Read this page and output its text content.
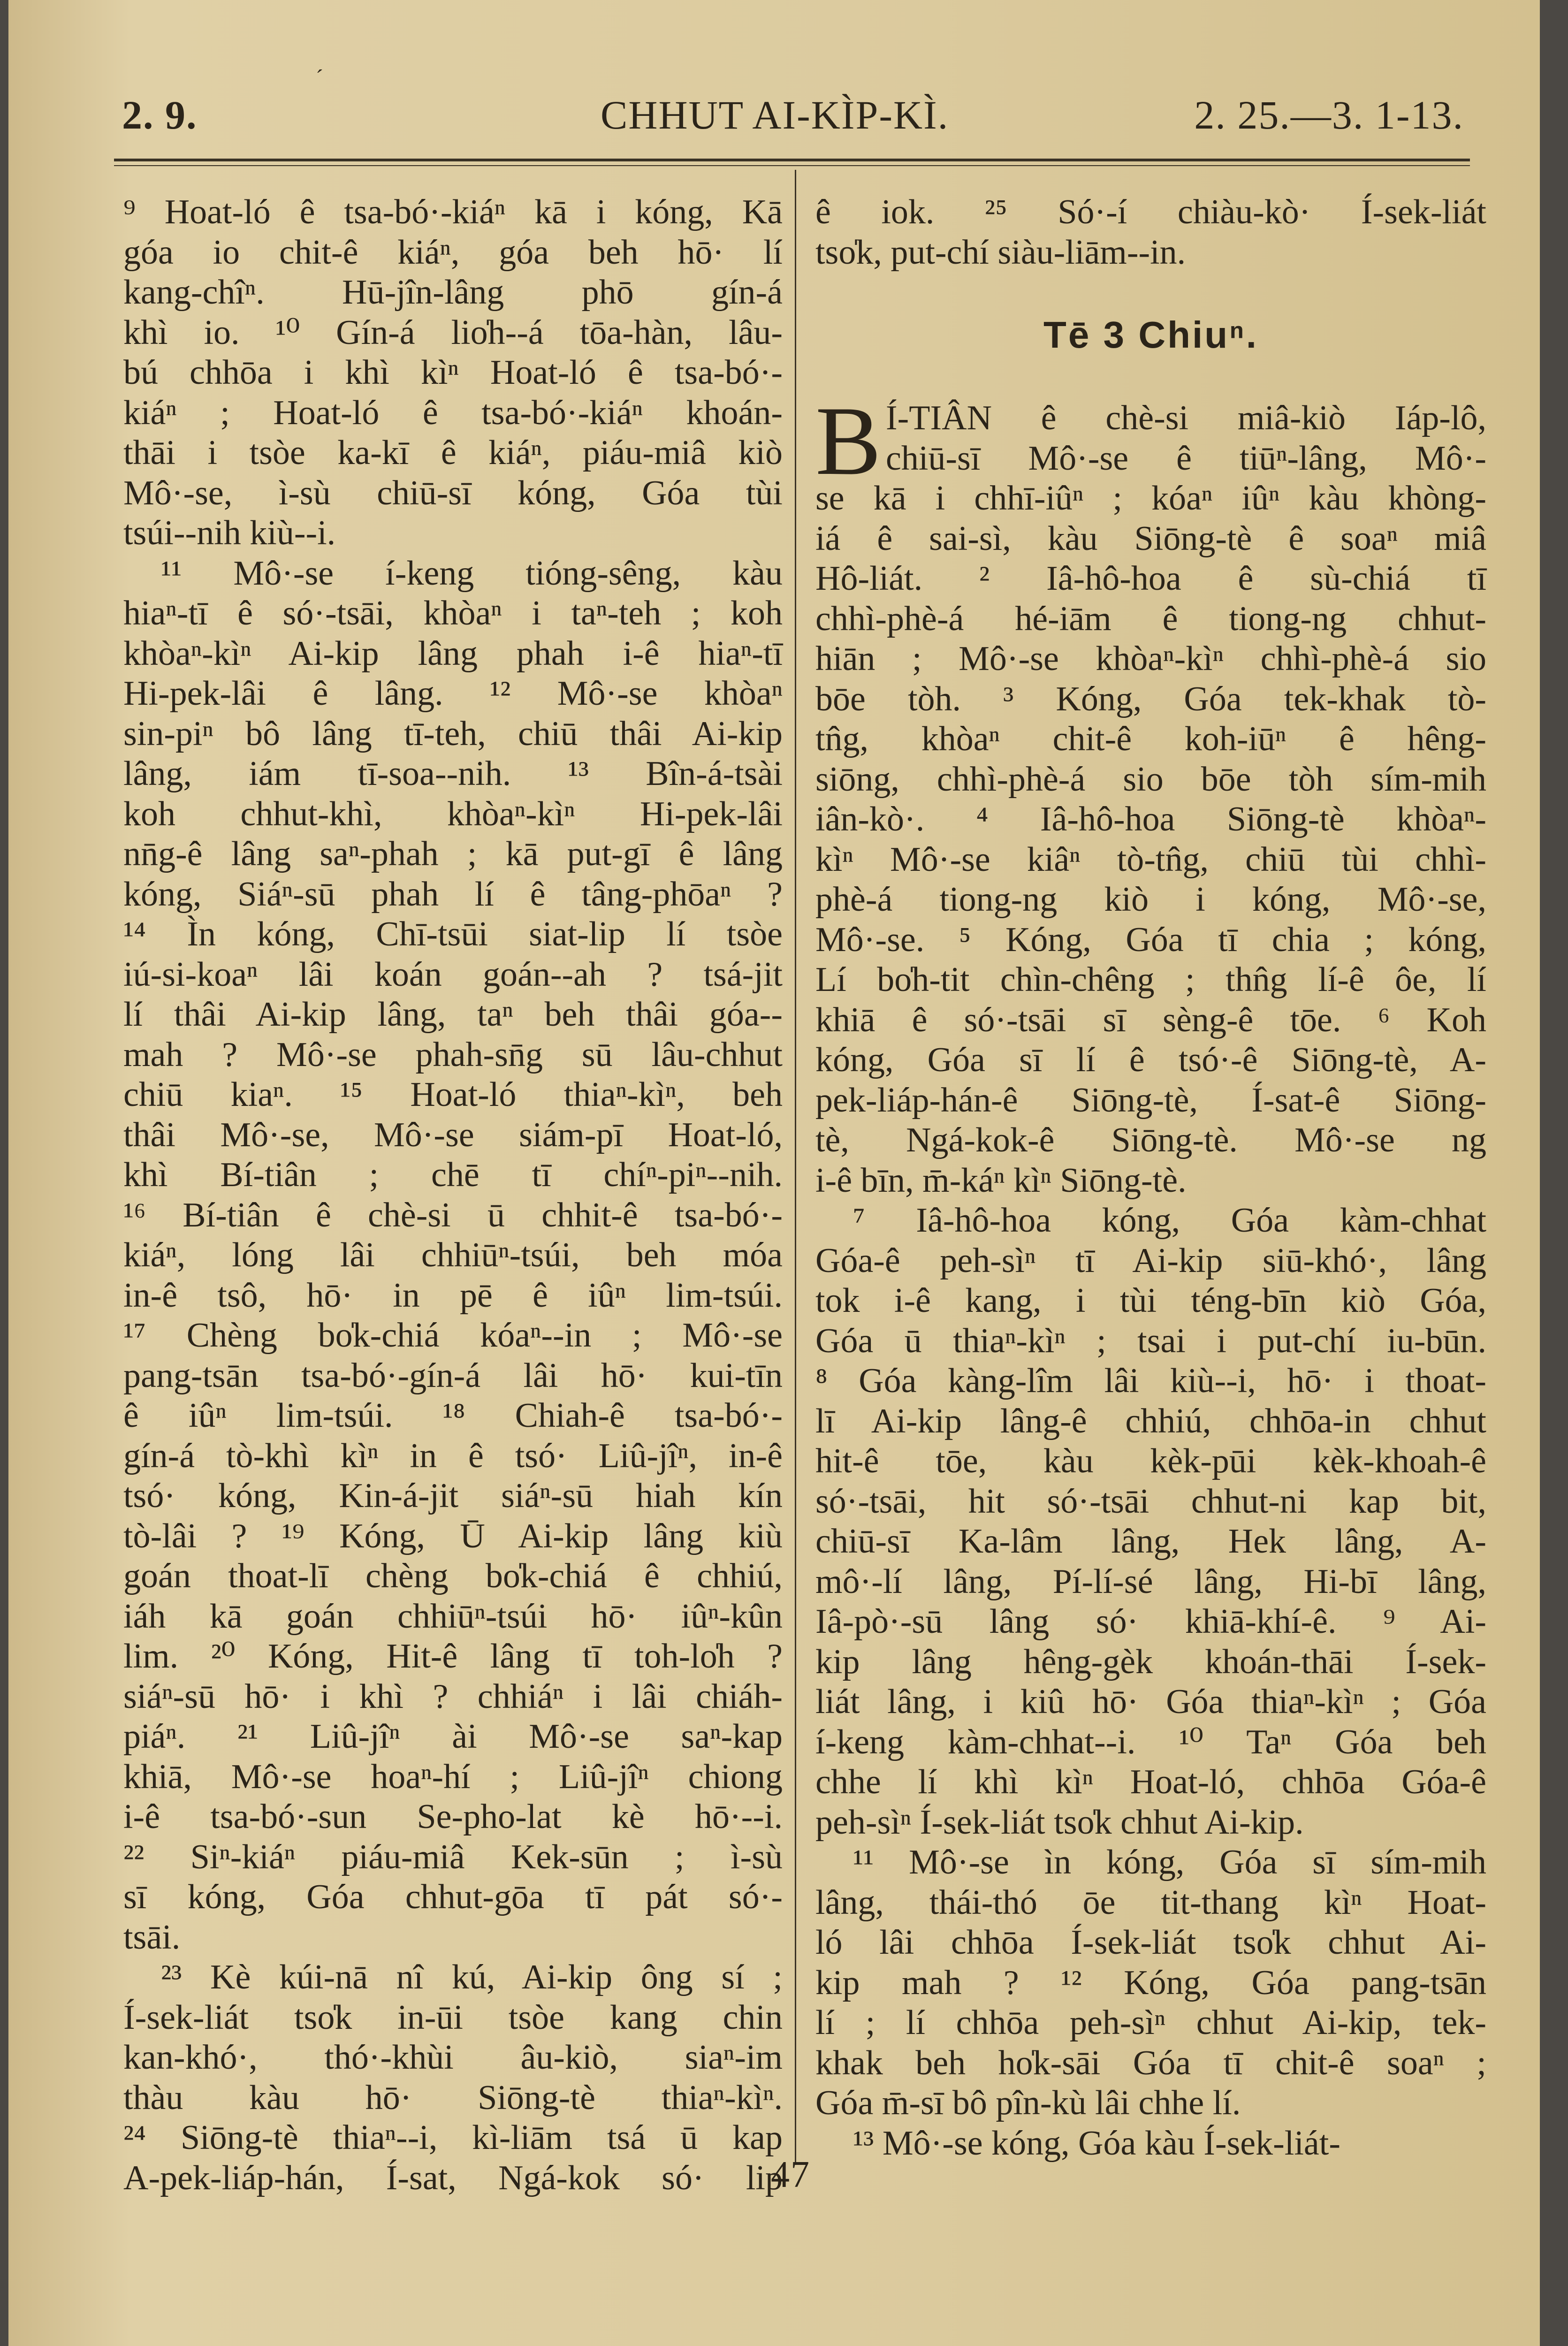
´
2. 9.	CHHUT AI-KÌP-KÌ.	2. 25.—3. 1-13.
⁹ Hoat-ló ê tsa-bó·-kiáⁿ kā i kóng, Kā
góa io chit-ê kiáⁿ, góa beh hō· lí
kang-chîⁿ. Hū-jîn-lâng phō gín-á
khì io. ¹⁰ Gín-á lio̍h--á tōa-hàn, lâu-
bú chhōa i khì kìⁿ Hoat-ló ê tsa-bó·-
kiáⁿ ; Hoat-ló ê tsa-bó·-kiáⁿ khoán-
thāi i tsòe ka-kī ê kiáⁿ, piáu-miâ kiò
Mô·-se, ì-sù chiū-sī kóng, Góa tùi
tsúi--nih kiù--i.
¹¹ Mô·-se í-keng tióng-sêng, kàu
hiaⁿ-tī ê só·-tsāi, khòaⁿ i taⁿ-teh ; koh
khòaⁿ-kìⁿ Ai-kip lâng phah i-ê hiaⁿ-tī
Hi-pek-lâi ê lâng. ¹² Mô·-se khòaⁿ
sin-piⁿ bô lâng tī-teh, chiū thâi Ai-kip
lâng, iám tī-soa--nih. ¹³ Bîn-á-tsài
koh chhut-khì, khòaⁿ-kìⁿ Hi-pek-lâi
nn̄g-ê lâng saⁿ-phah ; kā put-gī ê lâng
kóng, Siáⁿ-sū phah lí ê tâng-phōaⁿ ?
¹⁴ Ìn kóng, Chī-tsūi siat-lip lí tsòe
iú-si-koaⁿ lâi koán goán--ah ? tsá-jit
lí thâi Ai-kip lâng, taⁿ beh thâi góa--
mah ? Mô·-se phah-sn̄g sū lâu-chhut
chiū kiaⁿ. ¹⁵ Hoat-ló thiaⁿ-kìⁿ, beh
thâi Mô·-se, Mô·-se siám-pī Hoat-ló,
khì Bí-tiân ; chē tī chíⁿ-piⁿ--nih.
¹⁶ Bí-tiân ê chè-si ū chhit-ê tsa-bó·-
kiáⁿ, lóng lâi chhiūⁿ-tsúi, beh móa
in-ê tsô, hō· in pē ê iûⁿ lim-tsúi.
¹⁷ Chèng bo̍k-chiá kóaⁿ--in ; Mô·-se
pang-tsān tsa-bó·-gín-á lâi hō· kui-tīn
ê iûⁿ lim-tsúi. ¹⁸ Chiah-ê tsa-bó·-
gín-á tò-khì kìⁿ in ê tsó· Liû-jîⁿ, in-ê
tsó· kóng, Kin-á-jit siáⁿ-sū hiah kín
tò-lâi ? ¹⁹ Kóng, Ū Ai-kip lâng kiù
goán thoat-lī chèng bo̍k-chiá ê chhiú,
iáh kā goán chhiūⁿ-tsúi hō· iûⁿ-kûn
lim. ²⁰ Kóng, Hit-ê lâng tī toh-lo̍h ?
siáⁿ-sū hō· i khì ? chhiáⁿ i lâi chiáh-
piáⁿ. ²¹ Liû-jîⁿ ài Mô·-se saⁿ-kap
khiā, Mô·-se hoaⁿ-hí ; Liû-jîⁿ chiong
i-ê tsa-bó·-sun Se-pho-lat kè hō·--i.
²² Siⁿ-kiáⁿ piáu-miâ Kek-sūn ; ì-sù
sī kóng, Góa chhut-gōa tī pát só·-
tsāi.
²³ Kè kúi-nā nî kú, Ai-kip ông sí ;
Í-sek-liát tso̍k in-ūi tsòe kang chin
kan-khó·, thó·-khùi âu-kiò, siaⁿ-im
thàu kàu hō· Siōng-tè thiaⁿ-kìⁿ.
²⁴ Siōng-tè thiaⁿ--i, kì-liām tsá ū kap
A-pek-liáp-hán, Í-sat, Ngá-kok só· lip
ê iok. ²⁵ Só·-í chiàu-kò· Í-sek-liát
tso̍k, put-chí siàu-liām--in.
Tē 3 Chiuⁿ.
B Í-TIÂN ê chè-si miâ-kiò Iáp-lô,
chiū-sī Mô·-se ê tiūⁿ-lâng, Mô·-
se kā i chhī-iûⁿ ; kóaⁿ iûⁿ kàu khòng-
iá ê sai-sì, kàu Siōng-tè ê soaⁿ miâ
Hô-liát. ² Iâ-hô-hoa ê sù-chiá tī
chhì-phè-á hé-iām ê tiong-ng chhut-
hiān ; Mô·-se khòaⁿ-kìⁿ chhì-phè-á sio
bōe tòh. ³ Kóng, Góa tek-khak tò-
tn̂g, khòaⁿ chit-ê koh-iūⁿ ê hêng-
siōng, chhì-phè-á sio bōe tòh sím-mih
iân-kò·. ⁴ Iâ-hô-hoa Siōng-tè khòaⁿ-
kìⁿ Mô·-se kiâⁿ tò-tn̂g, chiū tùi chhì-
phè-á tiong-ng kiò i kóng, Mô·-se,
Mô·-se. ⁵ Kóng, Góa tī chia ; kóng,
Lí bo̍h-tit chìn-chêng ; thn̂g lí-ê ôe, lí
khiā ê só·-tsāi sī sèng-ê tōe. ⁶ Koh
kóng, Góa sī lí ê tsó·-ê Siōng-tè, A-
pek-liáp-hán-ê Siōng-tè, Í-sat-ê Siōng-
tè, Ngá-kok-ê Siōng-tè. Mô·-se ng
i-ê bīn, m̄-káⁿ kìⁿ Siōng-tè.
⁷ Iâ-hô-hoa kóng, Góa kàm-chhat
Góa-ê peh-sìⁿ tī Ai-kip siū-khó·, lâng
tok i-ê kang, i tùi téng-bīn kiò Góa,
Góa ū thiaⁿ-kìⁿ ; tsai i put-chí iu-būn.
⁸ Góa kàng-lîm lâi kiù--i, hō· i thoat-
lī Ai-kip lâng-ê chhiú, chhōa-in chhut
hit-ê tōe, kàu kèk-pūi kèk-khoah-ê
só·-tsāi, hit só·-tsāi chhut-ni kap bit,
chiū-sī Ka-lâm lâng, Hek lâng, A-
mô·-lí lâng, Pí-lí-sé lâng, Hi-bī lâng,
Iâ-pò·-sū lâng só· khiā-khí-ê. ⁹ Ai-
kip lâng hêng-gèk khoán-thāi Í-sek-
liát lâng, i kiû hō· Góa thiaⁿ-kìⁿ ; Góa
í-keng kàm-chhat--i. ¹⁰ Taⁿ Góa beh
chhe lí khì kìⁿ Hoat-ló, chhōa Góa-ê
peh-sìⁿ Í-sek-liát tso̍k chhut Ai-kip.
¹¹ Mô·-se ìn kóng, Góa sī sím-mih
lâng, thái-thó ōe tit-thang kìⁿ Hoat-
ló lâi chhōa Í-sek-liát tso̍k chhut Ai-
kip mah ? ¹² Kóng, Góa pang-tsān
lí ; lí chhōa peh-sìⁿ chhut Ai-kip, tek-
khak beh ho̍k-sāi Góa tī chit-ê soaⁿ ;
Góa m̄-sī bô pîn-kù lâi chhe lí.
¹³ Mô·-se kóng, Góa kàu Í-sek-liát-
47
